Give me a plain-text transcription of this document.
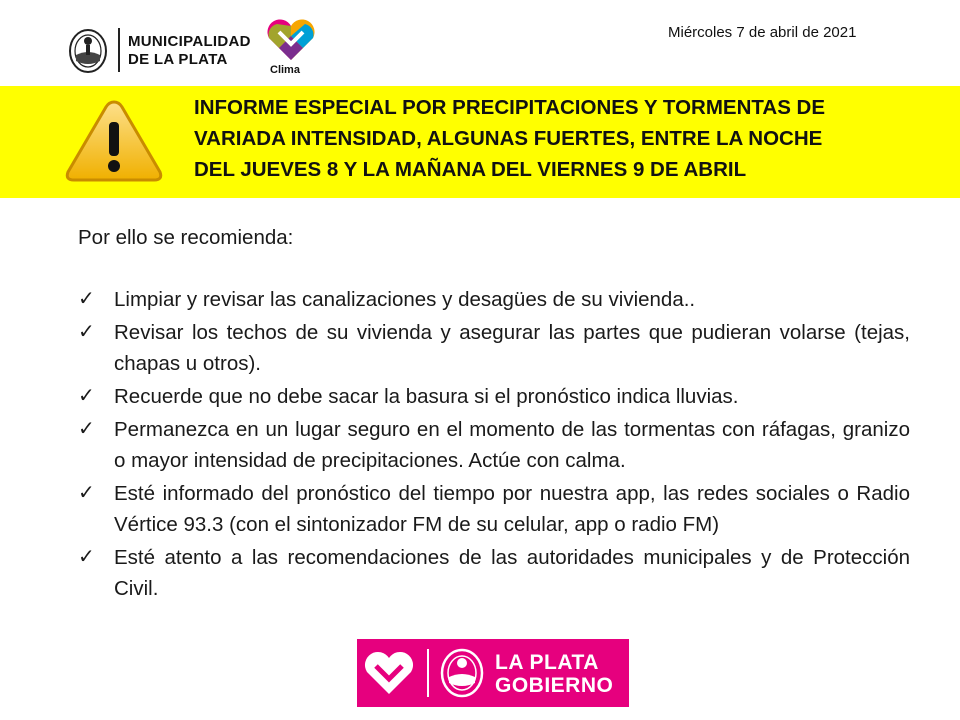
MUNICIPALIDAD
DE LA PLATA
Clima
Miércoles 7 de abril de 2021
INFORME ESPECIAL POR PRECIPITACIONES Y TORMENTAS DE
VARIADA INTENSIDAD, ALGUNAS FUERTES, ENTRE LA NOCHE
DEL JUEVES 8 Y LA MAÑANA DEL VIERNES 9 DE ABRIL
Por ello se recomienda:
✓ Limpiar y revisar las canalizaciones y desagües de su vivienda..
✓ Revisar los techos de su vivienda y asegurar las partes que pudieran volarse (tejas, chapas u otros).
✓ Recuerde que no debe sacar la basura si el pronóstico indica lluvias.
✓ Permanezca en un lugar seguro en el momento de las tormentas con ráfagas, granizo o mayor intensidad de precipitaciones. Actúe con calma.
✓ Esté informado del pronóstico del tiempo por nuestra app, las redes sociales o Radio Vértice 93.3 (con el sintonizador FM de su celular, app o radio FM)
✓ Esté atento a las recomendaciones de las autoridades municipales y de Protección Civil.
LA PLATA
GOBIERNO
